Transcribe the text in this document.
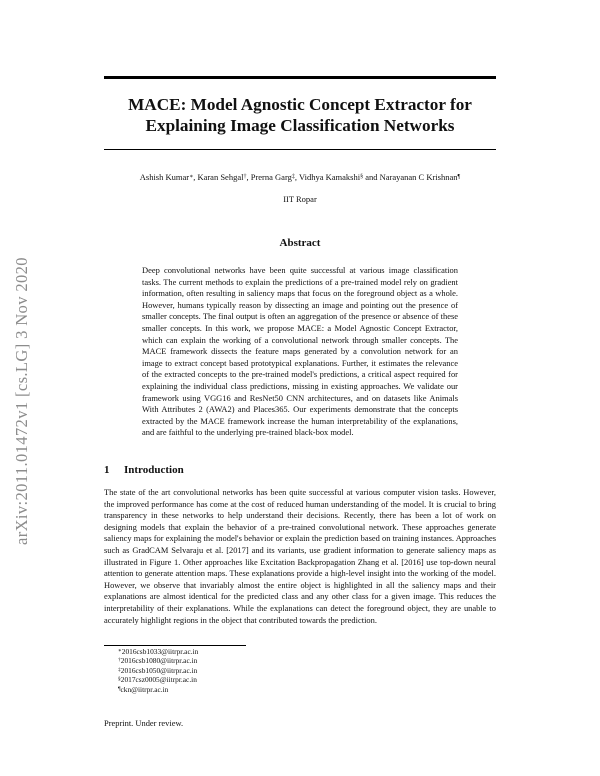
arXiv:2011.01472v1 [cs.LG] 3 Nov 2020
MACE: Model Agnostic Concept Extractor for Explaining Image Classification Networks
Ashish Kumar∗, Karan Sehgal†, Prerna Garg‡, Vidhya Kamakshi§ and Narayanan C Krishnan¶
IIT Ropar
Abstract
Deep convolutional networks have been quite successful at various image classification tasks. The current methods to explain the predictions of a pre-trained model rely on gradient information, often resulting in saliency maps that focus on the foreground object as a whole. However, humans typically reason by dissecting an image and pointing out the presence of smaller concepts. The final output is often an aggregation of the presence or absence of these smaller concepts. In this work, we propose MACE: a Model Agnostic Concept Extractor, which can explain the working of a convolutional network through smaller concepts. The MACE framework dissects the feature maps generated by a convolution network for an image to extract concept based prototypical explanations. Further, it estimates the relevance of the extracted concepts to the pre-trained model's predictions, a critical aspect required for explaining the individual class predictions, missing in existing approaches. We validate our framework using VGG16 and ResNet50 CNN architectures, and on datasets like Animals With Attributes 2 (AWA2) and Places365. Our experiments demonstrate that the concepts extracted by the MACE framework increase the human interpretability of the explanations, and are faithful to the underlying pre-trained black-box model.
1 Introduction
The state of the art convolutional networks has been quite successful at various computer vision tasks. However, the improved performance has come at the cost of reduced human understanding of the model. It is crucial to bring transparency in these networks to help understand their decisions. Recently, there has been a lot of work on designing models that explain the behavior of a pre-trained convolutional network. These approaches generate saliency maps for explaining the model's behavior or explain the prediction based on training instances. Approaches such as GradCAM Selvaraju et al. [2017] and its variants, use gradient information to generate saliency maps as illustrated in Figure 1. Other approaches like Excitation Backpropagation Zhang et al. [2016] use top-down neural attention to generate attention maps. These explanations provide a high-level insight into the working of the model. However, we observe that invariably almost the entire object is highlighted in all the saliency maps and their explanations are almost identical for the predicted class and any other class for a given image. This reduces the interpretability of their explanations. While the explanations can detect the foreground object, they are unable to accurately highlight regions in the object that contributed towards the prediction.
∗2016csb1033@iitrpr.ac.in
†2016csb1080@iitrpr.ac.in
‡2016csb1050@iitrpr.ac.in
§2017csz0005@iitrpr.ac.in
¶ckn@iitrpr.ac.in
Preprint. Under review.
